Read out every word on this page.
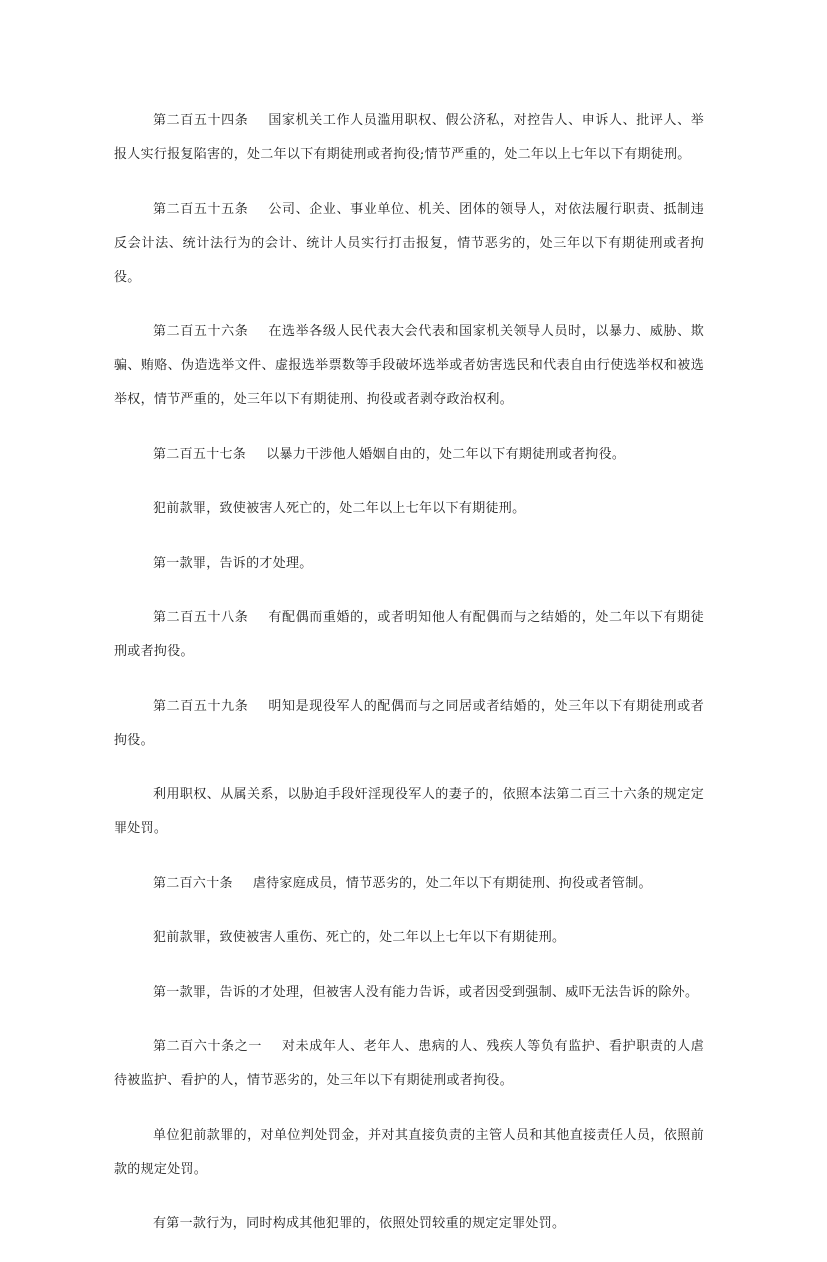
第二百五十四条 国家机关工作人员滥用职权、假公济私，对控告人、申诉人、批评人、举报人实行报复陷害的，处二年以下有期徒刑或者拘役;情节严重的，处二年以上七年以下有期徒刑。

第二百五十五条 公司、企业、事业单位、机关、团体的领导人，对依法履行职责、抵制违反会计法、统计法行为的会计、统计人员实行打击报复，情节恶劣的，处三年以下有期徒刑或者拘役。

第二百五十六条 在选举各级人民代表大会代表和国家机关领导人员时，以暴力、威胁、欺骗、贿赂、伪造选举文件、虚报选举票数等手段破坏选举或者妨害选民和代表自由行使选举权和被选举权，情节严重的，处三年以下有期徒刑、拘役或者剥夺政治权利。

第二百五十七条 以暴力干涉他人婚姻自由的，处二年以下有期徒刑或者拘役。

犯前款罪，致使被害人死亡的，处二年以上七年以下有期徒刑。

第一款罪，告诉的才处理。

第二百五十八条 有配偶而重婚的，或者明知他人有配偶而与之结婚的，处二年以下有期徒刑或者拘役。

第二百五十九条 明知是现役军人的配偶而与之同居或者结婚的，处三年以下有期徒刑或者拘役。

利用职权、从属关系，以胁迫手段奸淫现役军人的妻子的，依照本法第二百三十六条的规定定罪处罚。

第二百六十条 虐待家庭成员，情节恶劣的，处二年以下有期徒刑、拘役或者管制。

犯前款罪，致使被害人重伤、死亡的，处二年以上七年以下有期徒刑。

第一款罪，告诉的才处理，但被害人没有能力告诉，或者因受到强制、威吓无法告诉的除外。

第二百六十条之一 对未成年人、老年人、患病的人、残疾人等负有监护、看护职责的人虐待被监护、看护的人，情节恶劣的，处三年以下有期徒刑或者拘役。

单位犯前款罪的，对单位判处罚金，并对其直接负责的主管人员和其他直接责任人员，依照前款的规定处罚。

有第一款行为，同时构成其他犯罪的，依照处罚较重的规定定罪处罚。
